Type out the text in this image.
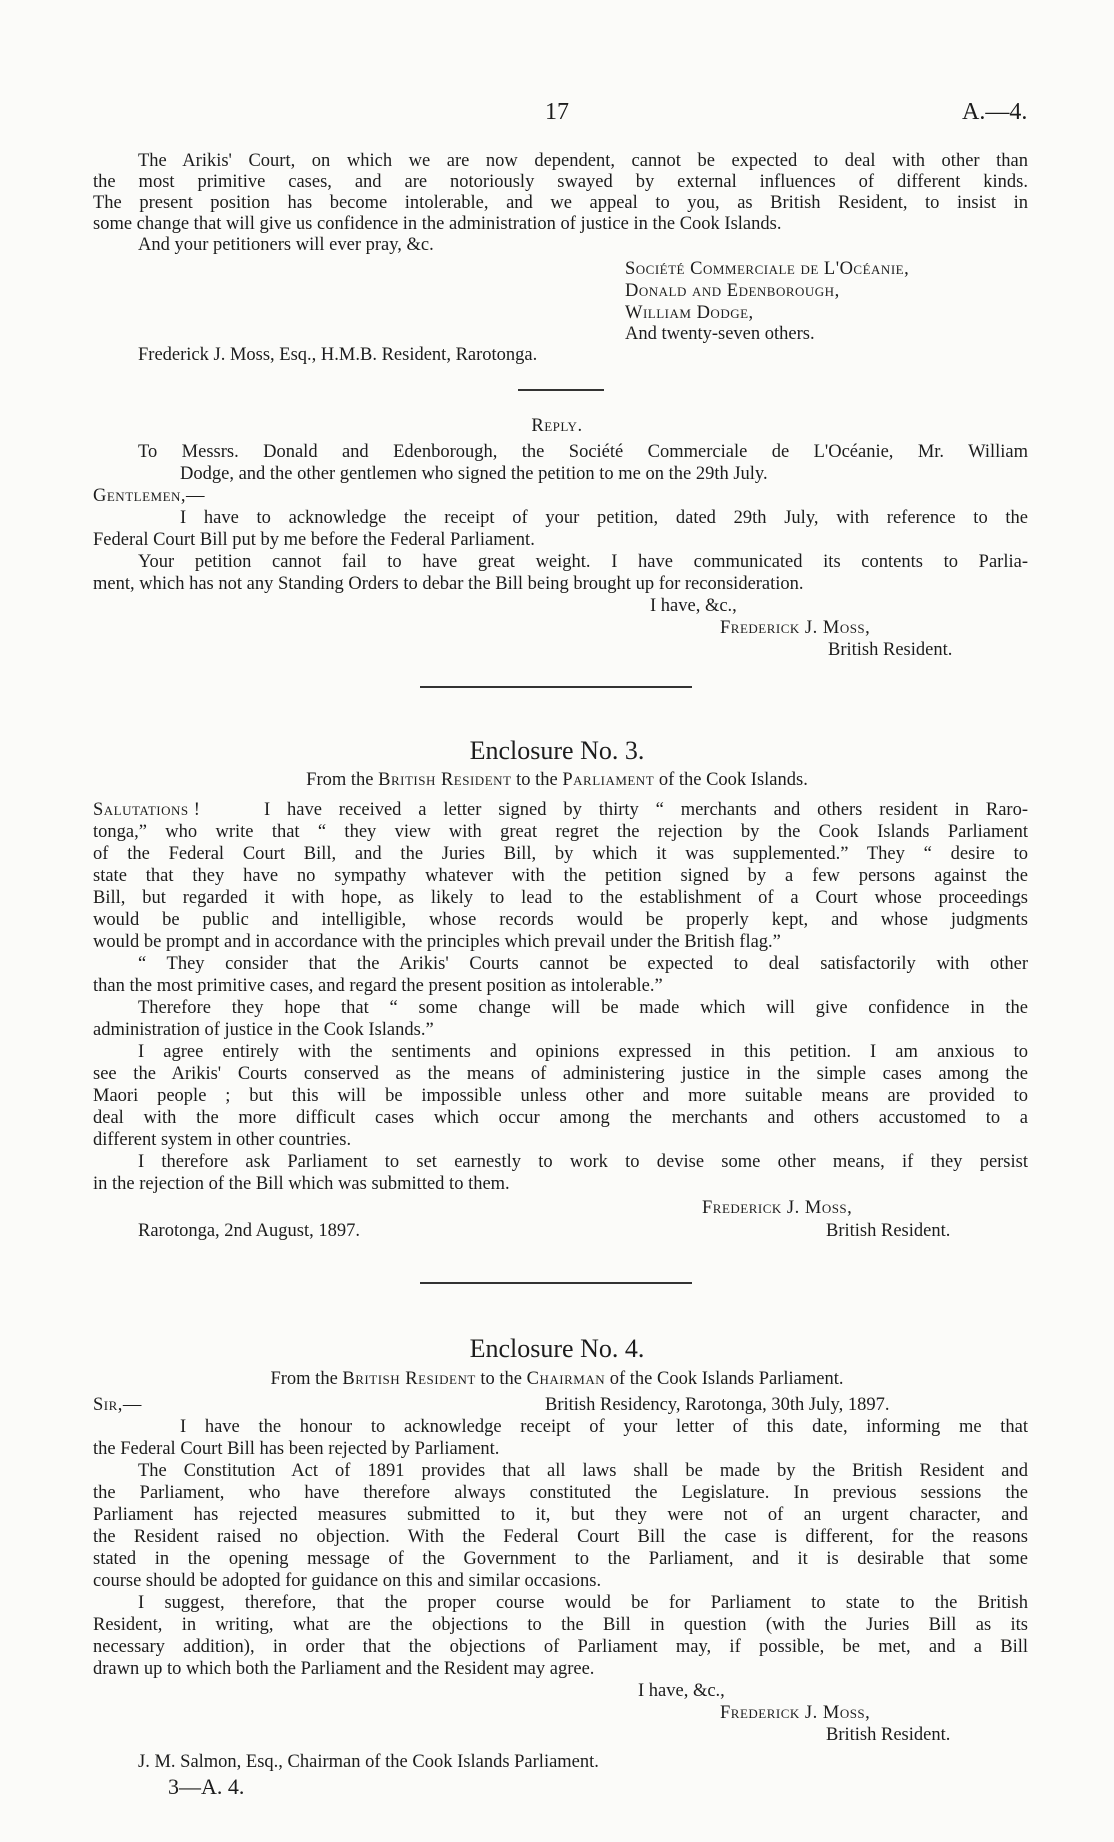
17	A.—4.
The Arikis' Court, on which we are now dependent, cannot be expected to deal with other than
the most primitive cases, and are notoriously swayed by external influences of different kinds.
The present position has become intolerable, and we appeal to you, as British Resident, to insist in
some change that will give us confidence in the administration of justice in the Cook Islands.
And your petitioners will ever pray, &c.
Société Commerciale de L'Océanie,
Donald and Edenborough,
William Dodge,
And twenty-seven others.
Frederick J. Moss, Esq., H.M.B. Resident, Rarotonga.
Reply.
To Messrs. Donald and Edenborough, the Société Commerciale de L'Océanie, Mr. William
Dodge, and the other gentlemen who signed the petition to me on the 29th July.
Gentlemen,—
I have to acknowledge the receipt of your petition, dated 29th July, with reference to the
Federal Court Bill put by me before the Federal Parliament.
Your petition cannot fail to have great weight. I have communicated its contents to Parlia-
ment, which has not any Standing Orders to debar the Bill being brought up for reconsideration.
I have, &c.,
Frederick J. Moss,
British Resident.
Enclosure No. 3.
From the British Resident to the Parliament of the Cook Islands.
Salutations !	I have received a letter signed by thirty “ merchants and others resident in Raro-
tonga,” who write that “ they view with great regret the rejection by the Cook Islands Parliament
of the Federal Court Bill, and the Juries Bill, by which it was supplemented.” They “ desire to
state that they have no sympathy whatever with the petition signed by a few persons against the
Bill, but regarded it with hope, as likely to lead to the establishment of a Court whose proceedings
would be public and intelligible, whose records would be properly kept, and whose judgments
would be prompt and in accordance with the principles which prevail under the British flag.”
“ They consider that the Arikis' Courts cannot be expected to deal satisfactorily with other
than the most primitive cases, and regard the present position as intolerable.”
Therefore they hope that “ some change will be made which will give confidence in the
administration of justice in the Cook Islands.”
I agree entirely with the sentiments and opinions expressed in this petition. I am anxious to
see the Arikis' Courts conserved as the means of administering justice in the simple cases among the
Maori people ; but this will be impossible unless other and more suitable means are provided to
deal with the more difficult cases which occur among the merchants and others accustomed to a
different system in other countries.
I therefore ask Parliament to set earnestly to work to devise some other means, if they persist
in the rejection of the Bill which was submitted to them.
Frederick J. Moss,
Rarotonga, 2nd August, 1897.	British Resident.
Enclosure No. 4.
From the British Resident to the Chairman of the Cook Islands Parliament.
Sir,—	British Residency, Rarotonga, 30th July, 1897.
I have the honour to acknowledge receipt of your letter of this date, informing me that
the Federal Court Bill has been rejected by Parliament.
The Constitution Act of 1891 provides that all laws shall be made by the British Resident and
the Parliament, who have therefore always constituted the Legislature. In previous sessions the
Parliament has rejected measures submitted to it, but they were not of an urgent character, and
the Resident raised no objection. With the Federal Court Bill the case is different, for the reasons
stated in the opening message of the Government to the Parliament, and it is desirable that some
course should be adopted for guidance on this and similar occasions.
I suggest, therefore, that the proper course would be for Parliament to state to the British
Resident, in writing, what are the objections to the Bill in question (with the Juries Bill as its
necessary addition), in order that the objections of Parliament may, if possible, be met, and a Bill
drawn up to which both the Parliament and the Resident may agree.
I have, &c.,
Frederick J. Moss,
British Resident.
J. M. Salmon, Esq., Chairman of the Cook Islands Parliament.
3—A. 4.
